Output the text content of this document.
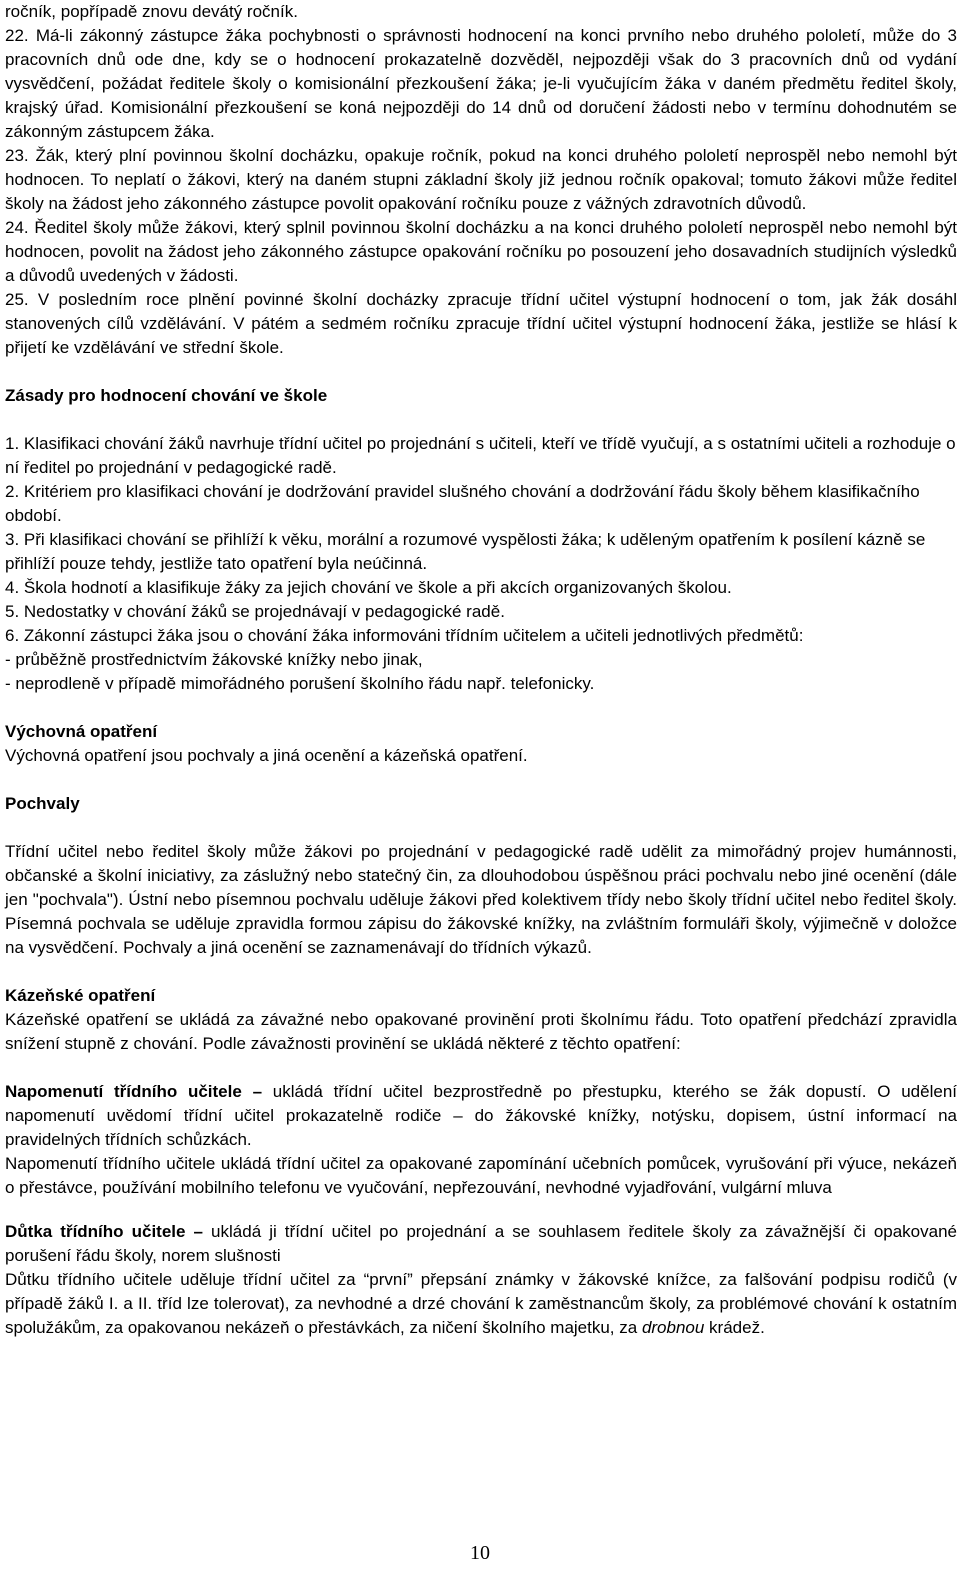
ročník, popřípadě znovu devátý ročník.

22. Má-li zákonný zástupce žáka pochybnosti o správnosti hodnocení na konci prvního nebo druhého pololetí, může do 3 pracovních dnů ode dne, kdy se o hodnocení prokazatelně dozvěděl, nejpozději však do 3 pracovních dnů od vydání vysvědčení, požádat ředitele školy o komisionální přezkoušení žáka; je-li vyučujícím žáka v daném předmětu ředitel školy, krajský úřad. Komisionální přezkoušení se koná nejpozději do 14 dnů od doručení žádosti nebo v termínu dohodnutém se zákonným zástupcem žáka.

23. Žák, který plní povinnou školní docházku, opakuje ročník, pokud na konci druhého pololetí neprospěl nebo nemohl být hodnocen. To neplatí o žákovi, který na daném stupni základní školy již jednou ročník opakoval; tomuto žákovi může ředitel školy na žádost jeho zákonného zástupce povolit opakování ročníku pouze z vážných zdravotních důvodů.

24. Ředitel školy může žákovi, který splnil povinnou školní docházku a na konci druhého pololetí neprospěl nebo nemohl být hodnocen, povolit na žádost jeho zákonného zástupce opakování ročníku po posouzení jeho dosavadních studijních výsledků a důvodů uvedených v žádosti.

25. V posledním roce plnění povinné školní docházky zpracuje třídní učitel výstupní hodnocení o tom, jak žák dosáhl stanovených cílů vzdělávání. V pátém a sedmém ročníku zpracuje třídní učitel výstupní hodnocení žáka, jestliže se hlásí k přijetí ke vzdělávání ve střední škole.

Zásady pro hodnocení chování ve škole

1. Klasifikaci chování žáků navrhuje třídní učitel po projednání s učiteli, kteří ve třídě vyučují, a s ostatními učiteli a rozhoduje o ní ředitel po projednání v pedagogické radě.

2. Kritériem pro klasifikaci chování je dodržování pravidel slušného chování a dodržování řádu školy během klasifikačního období.

3. Při klasifikaci chování se přihlíží k věku, morální a rozumové vyspělosti žáka; k uděleným opatřením k posílení kázně se přihlíží pouze tehdy, jestliže tato opatření byla neúčinná.

4. Škola hodnotí a klasifikuje žáky za jejich chování ve škole a při akcích organizovaných školou.

5. Nedostatky v chování žáků se projednávají v pedagogické radě.

6. Zákonní zástupci žáka jsou o chování žáka informováni třídním učitelem a učiteli jednotlivých předmětů:

- průběžně prostřednictvím žákovské knížky nebo jinak,

- neprodleně v případě mimořádného porušení školního řádu např. telefonicky.

Výchovná opatření

Výchovná opatření jsou pochvaly a jiná ocenění a kázeňská opatření.

Pochvaly

Třídní učitel nebo ředitel školy může žákovi po projednání v pedagogické radě udělit za mimořádný projev humánnosti, občanské a školní iniciativy, za záslužný nebo statečný čin, za dlouhodobou úspěšnou práci pochvalu nebo jiné ocenění (dále jen "pochvala"). Ústní nebo písemnou pochvalu uděluje žákovi před kolektivem třídy nebo školy třídní učitel nebo ředitel školy. Písemná pochvala se uděluje zpravidla formou zápisu do žákovské knížky, na zvláštním formuláři školy, výjimečně v doložce na vysvědčení. Pochvaly a jiná ocenění se zaznamenávají do třídních výkazů.

Kázeňské opatření

Kázeňské opatření se ukládá za závažné nebo opakované provinění proti školnímu řádu. Toto opatření předchází zpravidla snížení stupně z chování. Podle závažnosti provinění se ukládá některé z těchto opatření:

Napomenutí třídního učitele – ukládá třídní učitel bezprostředně po přestupku, kterého se žák dopustí. O udělení napomenutí uvědomí třídní učitel prokazatelně rodiče – do žákovské knížky, notýsku, dopisem, ústní informací na pravidelných třídních schůzkách.

Napomenutí třídního učitele ukládá třídní učitel za opakované zapomínání učebních pomůcek, vyrušování při výuce, nekázeň o přestávce, používání mobilního telefonu ve vyučování, nepřezouvání, nevhodné vyjadřování, vulgární mluva

Důtka třídního učitele – ukládá ji třídní učitel po projednání a se souhlasem ředitele školy za závažnější či opakované porušení řádu školy, norem slušnosti

Důtku třídního učitele uděluje třídní učitel za “první” přepsání známky v žákovské knížce, za falšování podpisu rodičů (v případě žáků I. a II. tříd lze tolerovat), za nevhodné a drzé chování k zaměstnancům školy, za problémové chování k ostatním spolužákům, za opakovanou nekázeň o přestávkách, za ničení školního majetku, za drobnou krádež.

10
